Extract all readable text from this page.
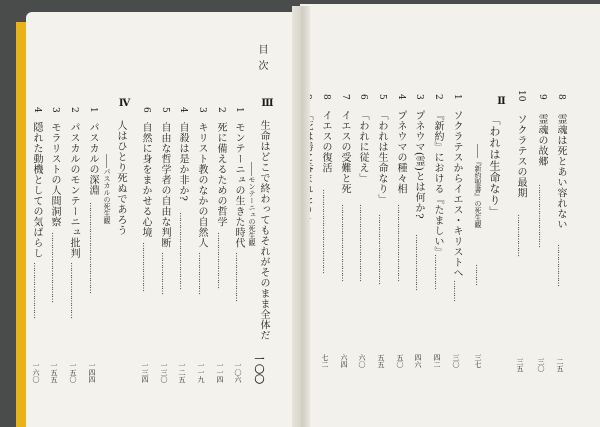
目次
Ⅲ
生命はどこで終わってもそれがそのまま全体だ
一〇〇
――モンテーニュの死生観
1
モンテーニュの生きた時代
…………………
一〇六
2
死に備えるための哲学
……………………
一一四
3
キリスト教のなかの自然人
………………
一一九
4
自殺は是か非か?
……………………………
一二五
5
自由な哲学者の自由な判断
………………
一三〇
6
自然に身をまかせる心境
…………………
一三四
Ⅳ
人はひとり死ぬであろう
――パスカルの死生観
1
パスカルの深淵
…………………………………
一四四
2
パスカルのモンテーニュ批判
……………………
一五〇
3
モラリストの人間洞察
…………………………
一五五
4
隠れた動機としての気ばらし
……………………
一六〇
10
ソクラテスの最期
………………
三五
9
霊魂の故郷
………………………
三〇
8
霊魂は死とあい容れない
………………
二五
Ⅱ
「われは生命なり」
――『新約聖書』の死生観
………
三七
1
ソクラテスからイエス・キリストへ
………
三〇
2
『新約』における『たましい』
……………
四二
3
プネウマ(霊)とは何か?
……………………
四六
4
プネウマの種々相
……………………………
五〇
5
「われは生命なり」
…………………………
五五
6
「われに従え」
……………………………
六〇
7
イエスの受難と死
……………………………
六四
8
イエスの復活
………………………………
七二
